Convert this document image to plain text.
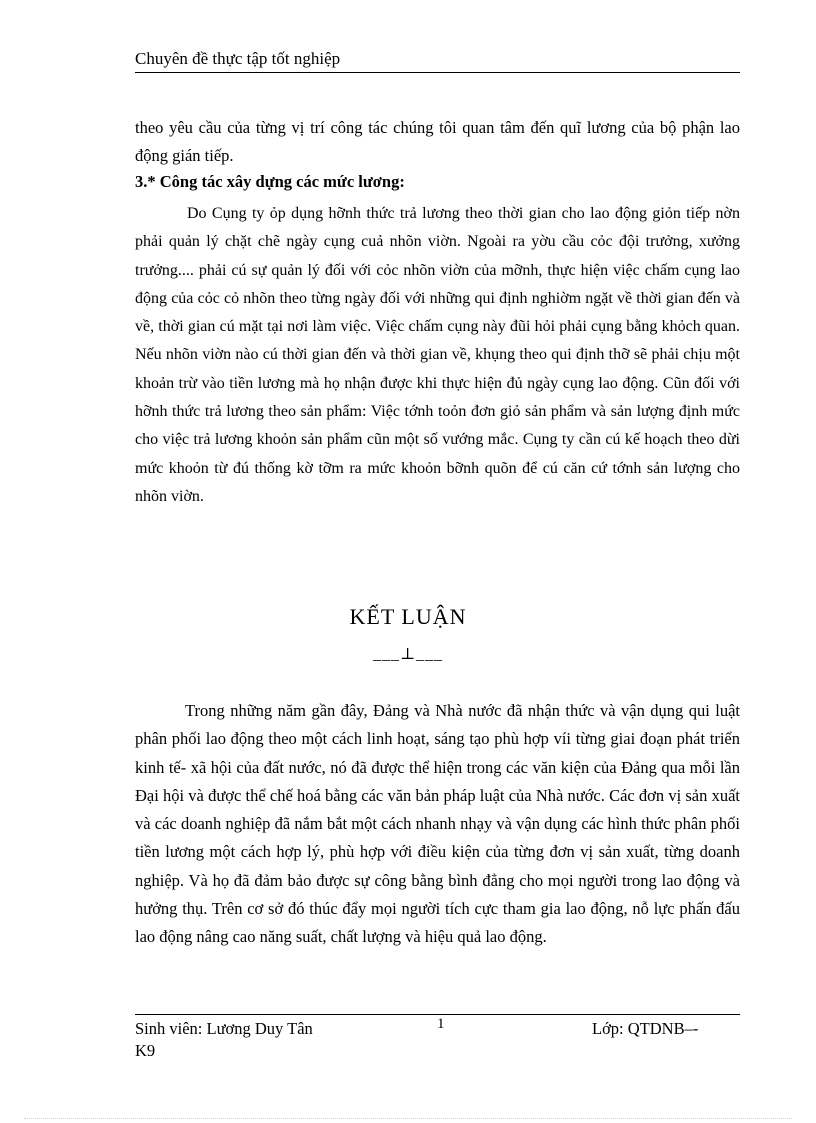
Chuyên đề thực tập tốt nghiệp

theo yêu cầu của từng vị trí công tác chúng tôi quan tâm đến quĩ lương của bộ phận lao động gián tiếp.

3.* Công tác xây dựng các mức lương:

Do Cụng ty ỏp dụng hỡnh thức trả lương theo thời gian cho lao động giỏn tiếp nờn phải quản lý chặt chẽ ngày cụng cuả nhõn viờn. Ngoài ra yờu cầu cỏc đội trưởng, xưởng trưởng.... phải cú sự quản lý đối với cỏc nhõn viờn của mỡnh, thực hiện việc chấm cụng lao động của cỏc cỏ nhõn theo từng ngày đối với những qui định nghiờm ngặt về thời gian đến và về, thời gian cú mặt tại nơi làm việc. Việc chấm cụng này đũi hỏi phải cụng bằng khỏch quan. Nếu nhõn viờn nào cú thời gian đến và thời gian về, khụng theo qui định thỡ sẽ phải chịu một khoản trừ vào tiền lương mà họ nhận được khi thực hiện đủ ngày cụng lao động. Cũn đối với hỡnh thức trả lương theo sản phẩm: Việc tớnh toỏn đơn giỏ sản phẩm và sản lượng định mức cho việc trả lương khoỏn sản phẩm cũn một số vướng mắc. Cụng ty cần cú kế hoạch theo dừi mức khoỏn từ đú thống kờ tỡm ra mức khoỏn bỡnh quõn để cú căn cứ tớnh sản lượng cho nhõn viờn.

KẾT LUẬN
___⊥___

Trong những năm gần đây, Đảng và Nhà nước đã nhận thức và vận dụng qui luật phân phối lao động theo một cách linh hoạt, sáng tạo phù hợp víi từng giai đoạn phát triển kinh tế- xã hội của đất nước, nó đã được thể hiện trong các văn kiện của Đảng qua mỗi lần Đại hội và được thể chế hoá bằng các văn bản pháp luật của Nhà nước. Các đơn vị sản xuất và các doanh nghiệp đã nắm bắt một cách nhanh nhạy và vận dụng các hình thức phân phối tiền lương một cách hợp lý, phù hợp với điều kiện của từng đơn vị sản xuất, từng doanh nghiệp. Và họ đã đảm bảo được sự công bằng bình đẳng cho mọi người trong lao động và hưởng thụ. Trên cơ sở đó thúc đẩy mọi người tích cực tham gia lao động, nỗ lực phấn đấu lao động nâng cao năng suất, chất lượng và hiệu quả lao động.

Sinh viên: Lương Duy Tân
K9
1	Lớp: QTDNB–-
